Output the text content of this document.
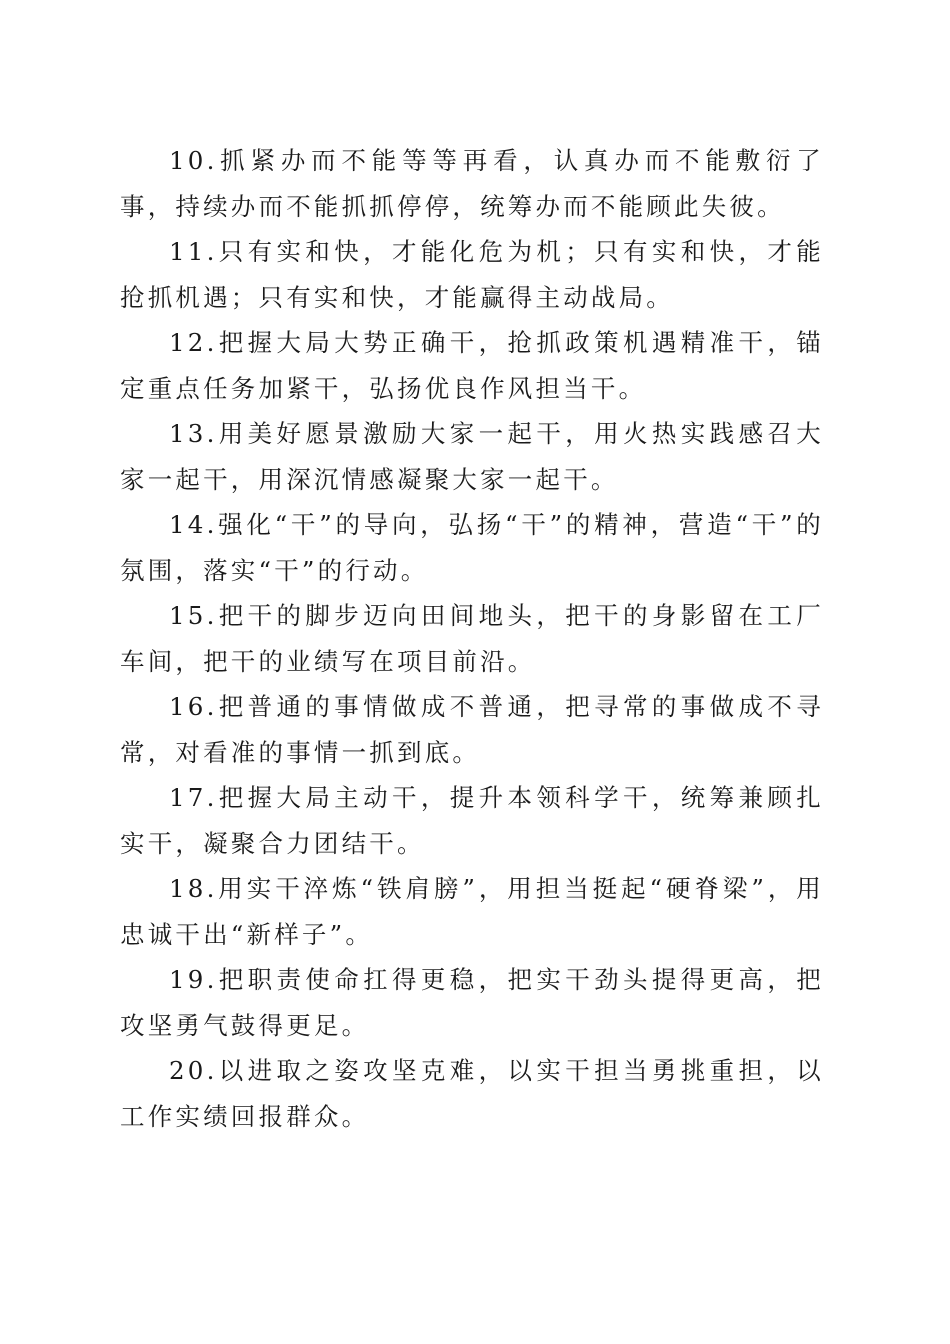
10.抓紧办而不能等等再看，认真办而不能敷衍了事，持续办而不能抓抓停停，统筹办而不能顾此失彼。

11.只有实和快，才能化危为机；只有实和快，才能抢抓机遇；只有实和快，才能赢得主动战局。

12.把握大局大势正确干，抢抓政策机遇精准干，锚定重点任务加紧干，弘扬优良作风担当干。

13.用美好愿景激励大家一起干，用火热实践感召大家一起干，用深沉情感凝聚大家一起干。

14.强化“干”的导向，弘扬“干”的精神，营造“干”的氛围，落实“干”的行动。

15.把干的脚步迈向田间地头，把干的身影留在工厂车间，把干的业绩写在项目前沿。

16.把普通的事情做成不普通，把寻常的事做成不寻常，对看准的事情一抓到底。

17.把握大局主动干，提升本领科学干，统筹兼顾扎实干，凝聚合力团结干。

18.用实干淬炼“铁肩膀”，用担当挺起“硬脊梁”，用忠诚干出“新样子”。

19.把职责使命扛得更稳，把实干劲头提得更高，把攻坚勇气鼓得更足。

20.以进取之姿攻坚克难，以实干担当勇挑重担，以工作实绩回报群众。
